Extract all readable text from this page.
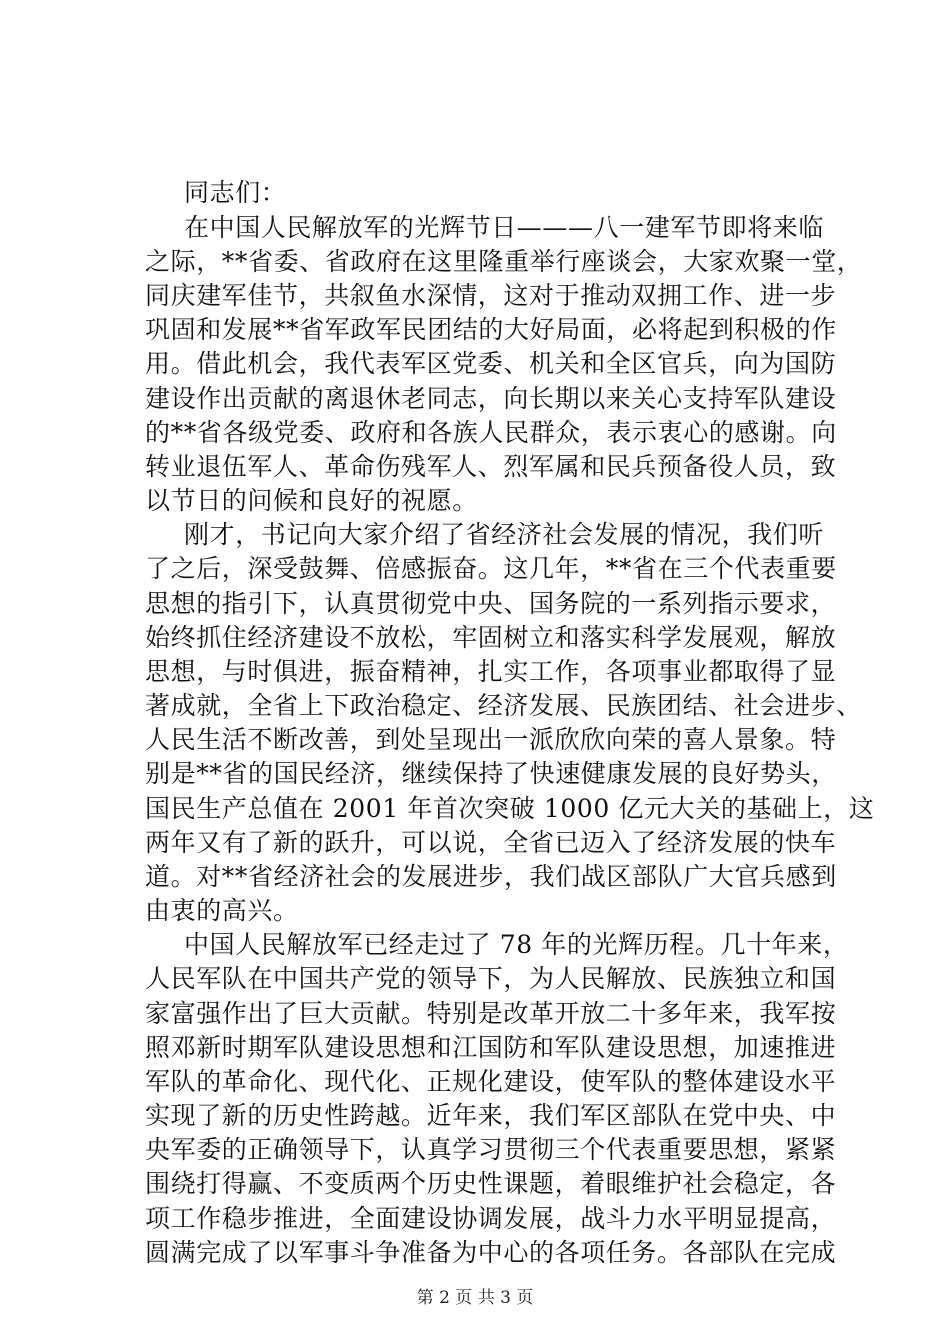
同志们：
在中国人民解放军的光辉节日———八一建军节即将来临
之际，**省委、省政府在这里隆重举行座谈会，大家欢聚一堂，
同庆建军佳节，共叙鱼水深情，这对于推动双拥工作、进一步
巩固和发展**省军政军民团结的大好局面，必将起到积极的作
用。借此机会，我代表军区党委、机关和全区官兵，向为国防
建设作出贡献的离退休老同志，向长期以来关心支持军队建设
的**省各级党委、政府和各族人民群众，表示衷心的感谢。向
转业退伍军人、革命伤残军人、烈军属和民兵预备役人员，致
以节日的问候和良好的祝愿。
刚才，书记向大家介绍了省经济社会发展的情况，我们听
了之后，深受鼓舞、倍感振奋。这几年，**省在三个代表重要
思想的指引下，认真贯彻党中央、国务院的一系列指示要求，
始终抓住经济建设不放松，牢固树立和落实科学发展观，解放
思想，与时俱进，振奋精神，扎实工作，各项事业都取得了显
著成就，全省上下政治稳定、经济发展、民族团结、社会进步、
人民生活不断改善，到处呈现出一派欣欣向荣的喜人景象。特
别是**省的国民经济，继续保持了快速健康发展的良好势头，
国民生产总值在 2001 年首次突破 1000 亿元大关的基础上，这
两年又有了新的跃升，可以说，全省已迈入了经济发展的快车
道。对**省经济社会的发展进步，我们战区部队广大官兵感到
由衷的高兴。
中国人民解放军已经走过了 78 年的光辉历程。几十年来，
人民军队在中国共产党的领导下，为人民解放、民族独立和国
家富强作出了巨大贡献。特别是改革开放二十多年来，我军按
照邓新时期军队建设思想和江国防和军队建设思想，加速推进
军队的革命化、现代化、正规化建设，使军队的整体建设水平
实现了新的历史性跨越。近年来，我们军区部队在党中央、中
央军委的正确领导下，认真学习贯彻三个代表重要思想，紧紧
围绕打得赢、不变质两个历史性课题，着眼维护社会稳定，各
项工作稳步推进，全面建设协调发展，战斗力水平明显提高，
圆满完成了以军事斗争准备为中心的各项任务。各部队在完成
第 2 页 共 3 页
